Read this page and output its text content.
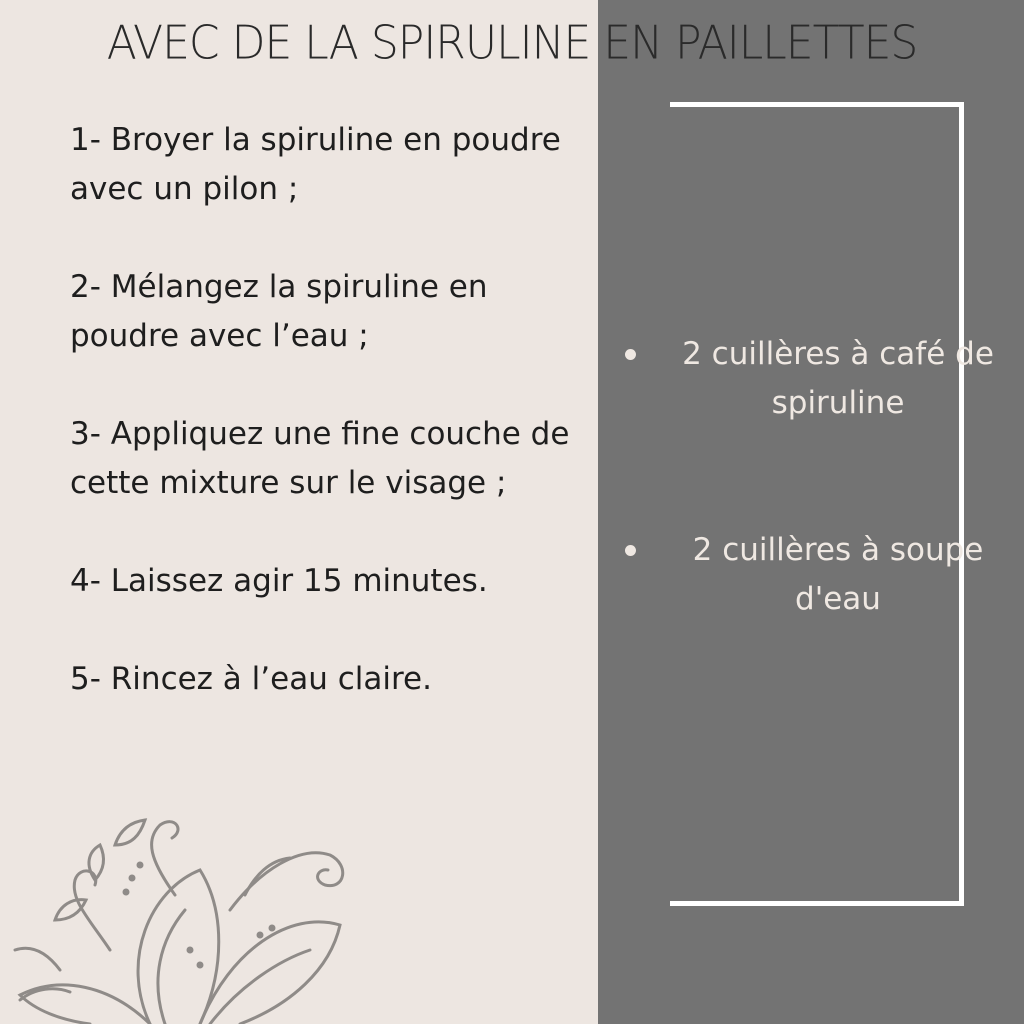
AVEC DE LA SPIRULINE EN PAILLETTES

1- Broyer la spiruline en poudre avec un pilon ;

2- Mélangez la spiruline en poudre avec l’eau ;

3- Appliquez une fine couche de cette mixture sur le visage ;

4- Laissez agir 15 minutes.

5- Rincez à l’eau claire.

2 cuillères à café de spiruline
2 cuillères à soupe d'eau
